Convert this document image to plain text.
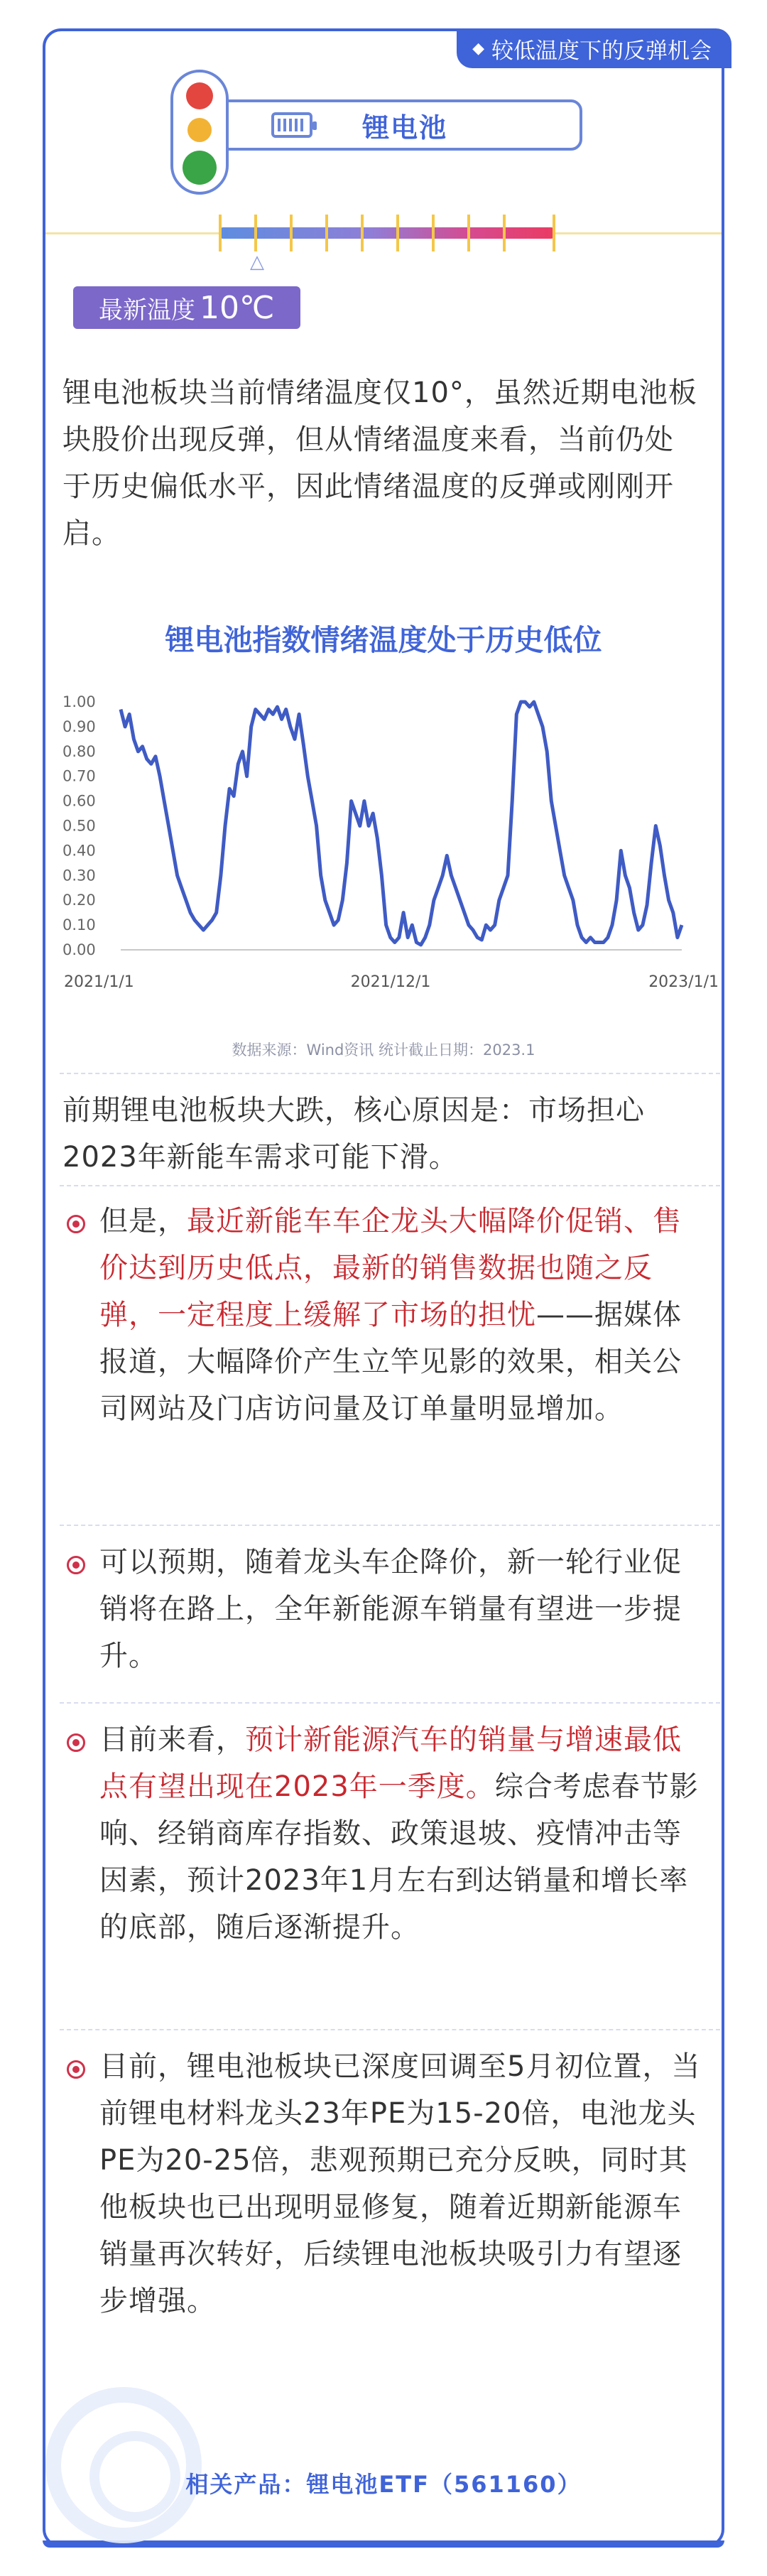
◆ 较低温度下的反弹机会
锂电池
△
最新温度 10℃
锂电池板块当前情绪温度仅10°，虽然近期电池板块股价出现反弹，但从情绪温度来看，当前仍处于历史偏低水平，因此情绪温度的反弹或刚刚开启。
锂电池指数情绪温度处于历史低位
1.00
0.90
0.80
0.70
0.60
0.50
0.40
0.30
0.20
0.10
0.00
2021/1/1	2021/12/1	2023/1/1
数据来源：Wind资讯 统计截止日期：2023.1
前期锂电池板块大跌，核心原因是：市场担心2023年新能车需求可能下滑。
但是，最近新能车车企龙头大幅降价促销、售价达到历史低点，最新的销售数据也随之反弹，一定程度上缓解了市场的担忧——据媒体报道，大幅降价产生立竿见影的效果，相关公司网站及门店访问量及订单量明显增加。
可以预期，随着龙头车企降价，新一轮行业促销将在路上，全年新能源车销量有望进一步提升。
目前来看，预计新能源汽车的销量与增速最低点有望出现在2023年一季度。综合考虑春节影响、经销商库存指数、政策退坡、疫情冲击等因素，预计2023年1月左右到达销量和增长率的底部，随后逐渐提升。
目前，锂电池板块已深度回调至5月初位置，当前锂电材料龙头23年PE为15-20倍，电池龙头PE为20-25倍，悲观预期已充分反映，同时其他板块也已出现明显修复，随着近期新能源车销量再次转好，后续锂电池板块吸引力有望逐步增强。
相关产品：锂电池ETF（561160）
